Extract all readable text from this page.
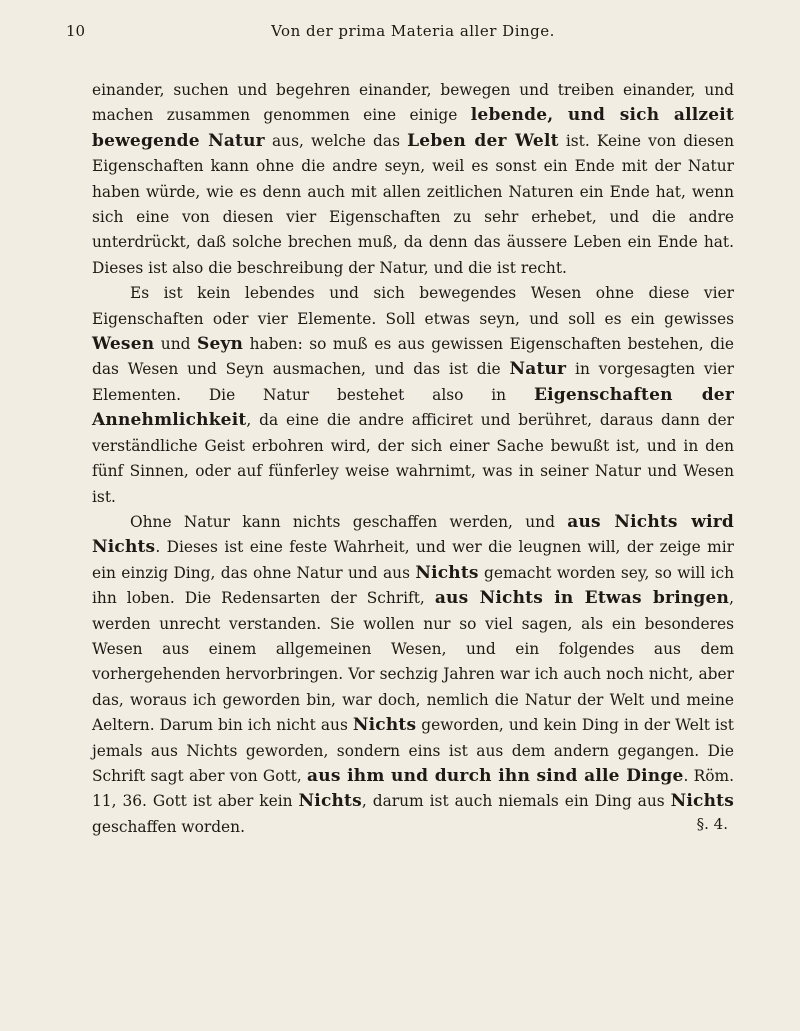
10	Von der prima Materia aller Dinge.

einander, suchen und begehren einander, bewegen und treiben einander, und machen zusammen genommen eine einige lebende, und sich allzeit bewegende Natur aus, welche das Leben der Welt ist. Keine von diesen Eigenschaften kann ohne die andre seyn, weil es sonst ein Ende mit der Natur haben würde, wie es denn auch mit allen zeitlichen Naturen ein Ende hat, wenn sich eine von diesen vier Eigenschaften zu sehr erhebet, und die andre unterdrückt, daß solche brechen muß, da denn das äussere Leben ein Ende hat. Dieses ist also die beschreibung der Natur, und die ist recht.

Es ist kein lebendes und sich bewegendes Wesen ohne diese vier Eigenschaften oder vier Elemente. Soll etwas seyn, und soll es ein gewisses Wesen und Seyn haben: so muß es aus gewissen Eigenschaften bestehen, die das Wesen und Seyn ausmachen, und das ist die Natur in vorgesagten vier Elementen. Die Natur bestehet also in Eigenschaften der Annehmlichkeit, da eine die andre afficiret und berühret, daraus dann der verständliche Geist erbohren wird, der sich einer Sache bewußt ist, und in den fünf Sinnen, oder auf fünferley weise wahrnimt, was in seiner Natur und Wesen ist.

Ohne Natur kann nichts geschaffen werden, und aus Nichts wird Nichts. Dieses ist eine feste Wahrheit, und wer die leugnen will, der zeige mir ein einzig Ding, das ohne Natur und aus Nichts gemacht worden sey, so will ich ihn loben. Die Redensarten der Schrift, aus Nichts in Etwas bringen, werden unrecht verstanden. Sie wollen nur so viel sagen, als ein besonderes Wesen aus einem allgemeinen Wesen, und ein folgendes aus dem vorhergehenden hervorbringen. Vor sechzig Jahren war ich auch noch nicht, aber das, woraus ich geworden bin, war doch, nemlich die Natur der Welt und meine Aeltern. Darum bin ich nicht aus Nichts geworden, und kein Ding in der Welt ist jemals aus Nichts geworden, sondern eins ist aus dem andern gegangen. Die Schrift sagt aber von Gott, aus ihm und durch ihn sind alle Dinge. Röm. 11, 36. Gott ist aber kein Nichts, darum ist auch niemals ein Ding aus Nichts geschaffen worden.	§. 4.
